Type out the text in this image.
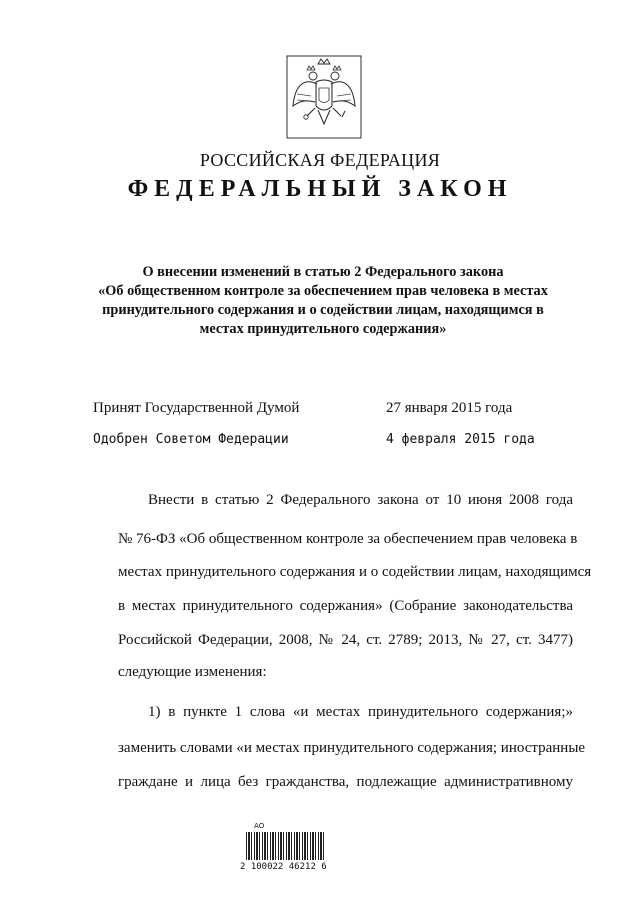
РОССИЙСКАЯ ФЕДЕРАЦИЯ
ФЕДЕРАЛЬНЫЙ ЗАКОН
О внесении изменений в статью 2 Федерального закона
«Об общественном контроле за обеспечением прав человека в местах
принудительного содержания и о содействии лицам, находящимся в
местах принудительного содержания»
Принят Государственной Думой	27 января 2015 года
Одобрен Советом Федерации	4 февраля 2015 года
Внести в статью 2 Федерального закона от 10 июня 2008 года
№ 76-ФЗ «Об общественном контроле за обеспечением прав человека в
местах принудительного содержания и о содействии лицам, находящимся
в местах принудительного содержания» (Собрание законодательства
Российской Федерации, 2008, № 24, ст. 2789; 2013, № 27, ст. 3477)
следующие изменения:
1) в пункте 1 слова «и местах принудительного содержания;»
заменить словами «и местах принудительного содержания; иностранные
граждане и лица без гражданства, подлежащие административному
АО
2 100022 46212 6
